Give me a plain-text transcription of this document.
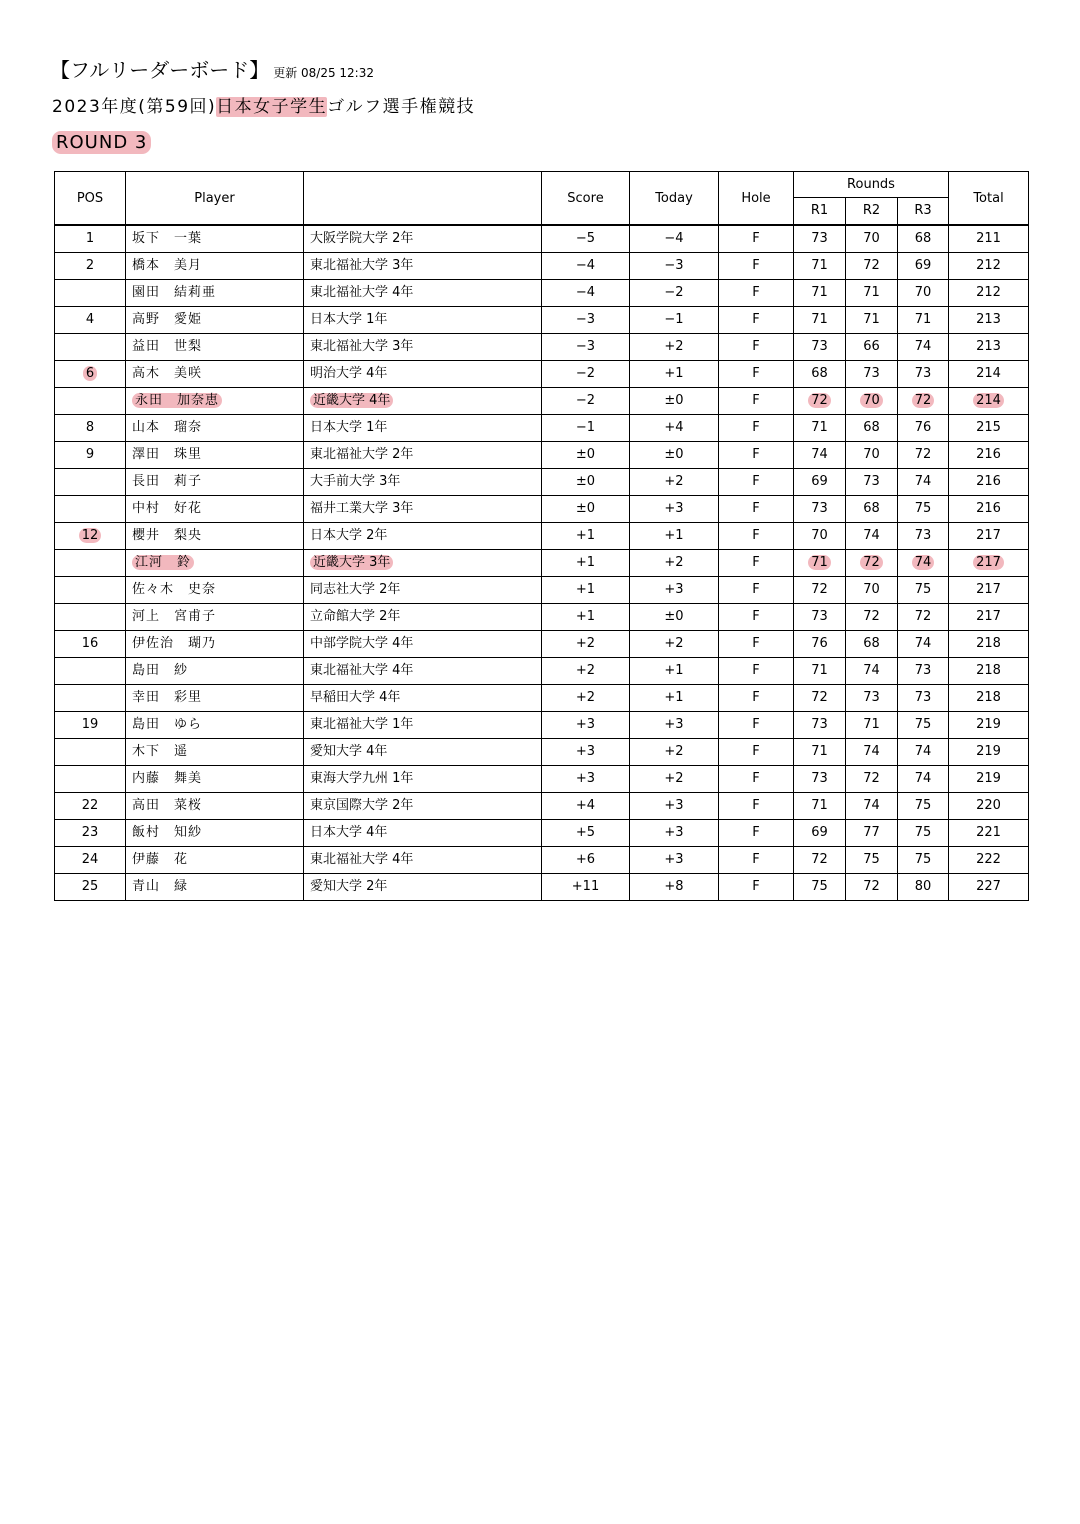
【フルリーダーボード】 更新 08/25 12:32
2023年度(第59回)日本女子学生ゴルフ選手権競技
ROUND 3
POS	Player		Score	Today	Hole	Rounds			Total
						R1	R2	R3	
1	坂下　一葉	大阪学院大学 2年	−5	−4	F	73	70	68	211
2	橋本　美月	東北福祉大学 3年	−4	−3	F	71	72	69	212
	園田　結莉亜	東北福祉大学 4年	−4	−2	F	71	71	70	212
4	高野　愛姫	日本大学 1年	−3	−1	F	71	71	71	213
	益田　世梨	東北福祉大学 3年	−3	+2	F	73	66	74	213
6	高木　美咲	明治大学 4年	−2	+1	F	68	73	73	214
	永田　加奈恵	近畿大学 4年	−2	±0	F	72	70	72	214
8	山本　瑠奈	日本大学 1年	−1	+4	F	71	68	76	215
9	澤田　珠里	東北福祉大学 2年	±0	±0	F	74	70	72	216
	長田　莉子	大手前大学 3年	±0	+2	F	69	73	74	216
	中村　好花	福井工業大学 3年	±0	+3	F	73	68	75	216
12	櫻井　梨央	日本大学 2年	+1	+1	F	70	74	73	217
	江河　鈴	近畿大学 3年	+1	+2	F	71	72	74	217
	佐々木　史奈	同志社大学 2年	+1	+3	F	72	70	75	217
	河上　宮甫子	立命館大学 2年	+1	±0	F	73	72	72	217
16	伊佐治　瑚乃	中部学院大学 4年	+2	+2	F	76	68	74	218
	島田　紗	東北福祉大学 4年	+2	+1	F	71	74	73	218
	幸田　彩里	早稲田大学 4年	+2	+1	F	72	73	73	218
19	島田　ゆら	東北福祉大学 1年	+3	+3	F	73	71	75	219
	木下　遥	愛知大学 4年	+3	+2	F	71	74	74	219
	内藤　舞美	東海大学九州 1年	+3	+2	F	73	72	74	219
22	高田　菜桜	東京国際大学 2年	+4	+3	F	71	74	75	220
23	飯村　知紗	日本大学 4年	+5	+3	F	69	77	75	221
24	伊藤　花	東北福祉大学 4年	+6	+3	F	72	75	75	222
25	青山　緑	愛知大学 2年	+11	+8	F	75	72	80	227
